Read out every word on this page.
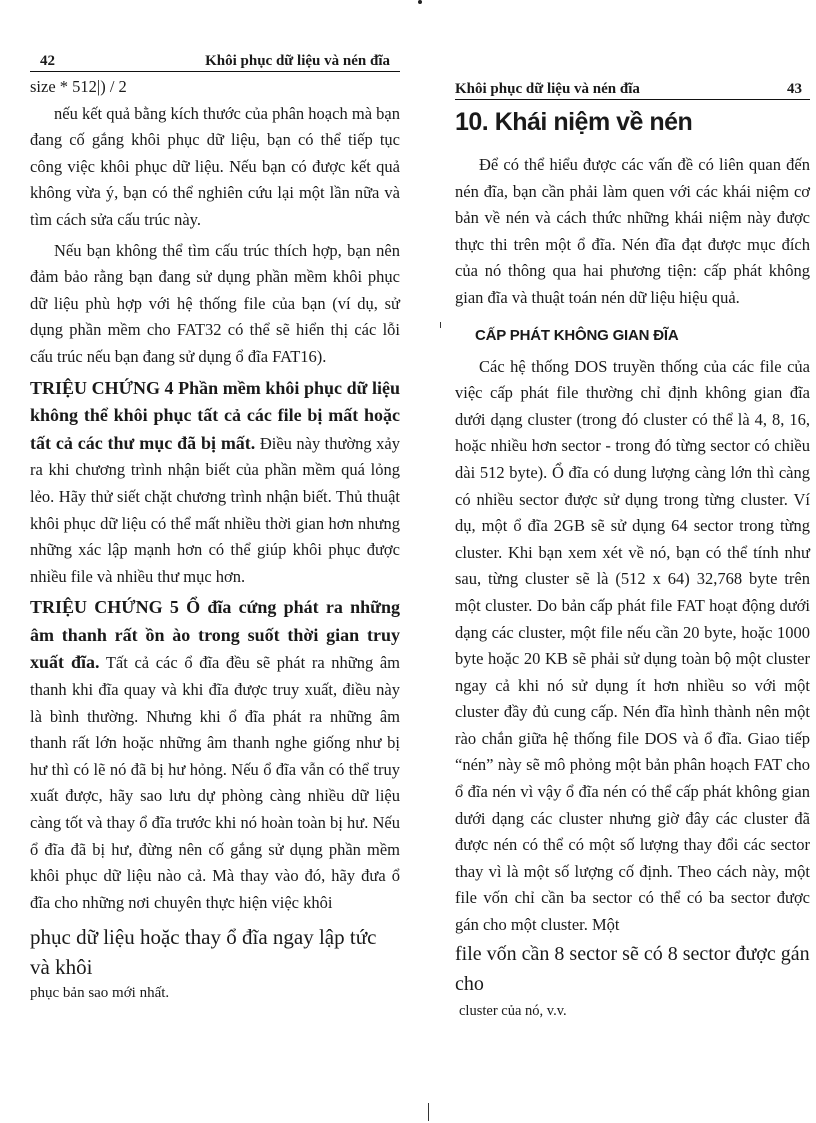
42	Khôi phục dữ liệu và nén đĩa

size * 512|) / 2

nếu kết quả bằng kích thước của phân hoạch mà bạn đang cố gắng khôi phục dữ liệu, bạn có thể tiếp tục công việc khôi phục dữ liệu. Nếu bạn có được kết quả không vừa ý, bạn có thể nghiên cứu lại một lần nữa và tìm cách sửa cấu trúc này.

Nếu bạn không thể tìm cấu trúc thích hợp, bạn nên đảm bảo rằng bạn đang sử dụng phần mềm khôi phục dữ liệu phù hợp với hệ thống file của bạn (ví dụ, sử dụng phần mềm cho FAT32 có thể sẽ hiển thị các lỗi cấu trúc nếu bạn đang sử dụng ổ đĩa FAT16).

TRIỆU CHỨNG 4 Phần mềm khôi phục dữ liệu không thể khôi phục tất cả các file bị mất hoặc tất cả các thư mục đã bị mất. Điều này thường xảy ra khi chương trình nhận biết của phần mềm quá lỏng lẻo. Hãy thử siết chặt chương trình nhận biết. Thủ thuật khôi phục dữ liệu có thể mất nhiều thời gian hơn nhưng những xác lập mạnh hơn có thể giúp khôi phục được nhiều file và nhiều thư mục hơn.

TRIỆU CHỨNG 5 Ổ đĩa cứng phát ra những âm thanh rất ồn ào trong suốt thời gian truy xuất đĩa. Tất cả các ổ đĩa đều sẽ phát ra những âm thanh khi đĩa quay và khi đĩa được truy xuất, điều này là bình thường. Nhưng khi ổ đĩa phát ra những âm thanh rất lớn hoặc những âm thanh nghe giống như bị hư thì có lẽ nó đã bị hư hỏng. Nếu ổ đĩa vẫn có thể truy xuất được, hãy sao lưu dự phòng càng nhiều dữ liệu càng tốt và thay ổ đĩa trước khi nó hoàn toàn bị hư. Nếu ổ đĩa đã bị hư, đừng nên cố gắng sử dụng phần mềm khôi phục dữ liệu nào cả. Mà thay vào đó, hãy đưa ổ đĩa cho những nơi chuyên thực hiện việc khôi

phục dữ liệu hoặc thay ổ đĩa ngay lập tức và khôi

phục bản sao mới nhất.

Khôi phục dữ liệu và nén đĩa	43
10. Khái niệm về nén

Để có thể hiểu được các vấn đề có liên quan đến nén đĩa, bạn cần phải làm quen với các khái niệm cơ bản về nén và cách thức những khái niệm này được thực thi trên một ổ đĩa. Nén đĩa đạt được mục đích của nó thông qua hai phương tiện: cấp phát không gian đĩa và thuật toán nén dữ liệu hiệu quả.

CẤP PHÁT KHÔNG GIAN ĐĨA

Các hệ thống DOS truyền thống của các file của việc cấp phát file thường chỉ định không gian đĩa dưới dạng cluster (trong đó cluster có thể là 4, 8, 16, hoặc nhiều hơn sector - trong đó từng sector có chiều dài 512 byte). Ổ đĩa có dung lượng càng lớn thì càng có nhiều sector được sử dụng trong từng cluster. Ví dụ, một ổ đĩa 2GB sẽ sử dụng 64 sector trong từng cluster. Khi bạn xem xét về nó, bạn có thể tính như sau, từng cluster sẽ là (512 x 64) 32,768 byte trên một cluster. Do bản cấp phát file FAT hoạt động dưới dạng các cluster, một file nếu cần 20 byte, hoặc 1000 byte hoặc 20 KB sẽ phải sử dụng toàn bộ một cluster ngay cả khi nó sử dụng ít hơn nhiều so với một cluster đầy đủ cung cấp. Nén đĩa hình thành nên một rào chắn giữa hệ thống file DOS và ổ đĩa. Giao tiếp “nén” này sẽ mô phỏng một bản phân hoạch FAT cho ổ đĩa nén vì vậy ổ đĩa nén có thể cấp phát không gian dưới dạng các cluster nhưng giờ đây các cluster đã được nén có thể có một số lượng thay đổi các sector thay vì là một số lượng cố định. Theo cách này, một file vốn chỉ cần ba sector có thể có ba sector được gán cho một cluster. Một

file vốn cần 8 sector sẽ có 8 sector được gán cho

cluster của nó, v.v.
